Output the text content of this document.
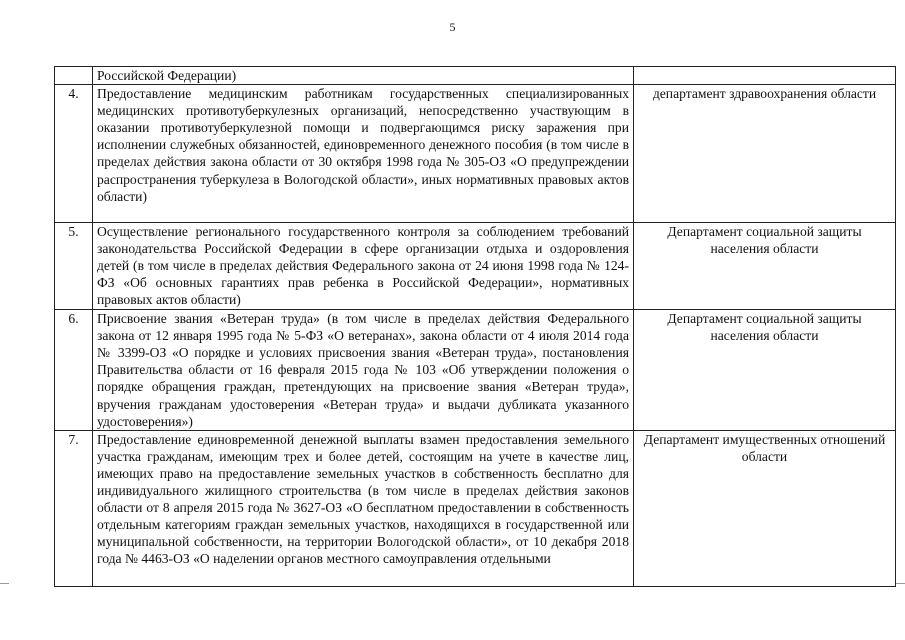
5
	Российской Федерации)	
4.	Предоставление медицинским работникам государственных специализированных медицинских противотуберкулезных организаций, непосредственно участвующим в оказании противотуберкулезной помощи и подвергающимся риску заражения при исполнении служебных обязанностей, единовременного денежного пособия (в том числе в пределах действия закона области от 30 октября 1998 года № 305-ОЗ «О предупреждении распространения туберкулеза в Вологодской области», иных нормативных правовых актов области)	департамент здравоохранения области
5.	Осуществление регионального государственного контроля за соблюдением требований законодательства Российской Федерации в сфере организации отдыха и оздоровления детей (в том числе в пределах действия Федерального закона от 24 июня 1998 года № 124-ФЗ «Об основных гарантиях прав ребенка в Российской Федерации», нормативных правовых актов области)	Департамент социальной защиты населения области
6.	Присвоение звания «Ветеран труда» (в том числе в пределах действия Федерального закона от 12 января 1995 года № 5-ФЗ «О ветеранах», закона области от 4 июля 2014 года № 3399-ОЗ «О порядке и условиях присвоения звания «Ветеран труда», постановления Правительства области от 16 февраля 2015 года № 103 «Об утверждении положения о порядке обращения граждан, претендующих на присвоение звания «Ветеран труда», вручения гражданам удостоверения «Ветеран труда» и выдачи дубликата указанного удостоверения»)	Департамент социальной защиты населения области
7.	Предоставление единовременной денежной выплаты взамен предоставления земельного участка гражданам, имеющим трех и более детей, состоящим на учете в качестве лиц, имеющих право на предоставление земельных участков в собственность бесплатно для индивидуального жилищного строительства (в том числе в пределах действия законов области от 8 апреля 2015 года № 3627-ОЗ «О бесплатном предоставлении в собственность отдельным категориям граждан земельных участков, находящихся в государственной или муниципальной собственности, на территории Вологодской области», от 10 декабря 2018 года № 4463-ОЗ «О наделении органов местного самоуправления отдельными	Департамент имущественных отношений области
